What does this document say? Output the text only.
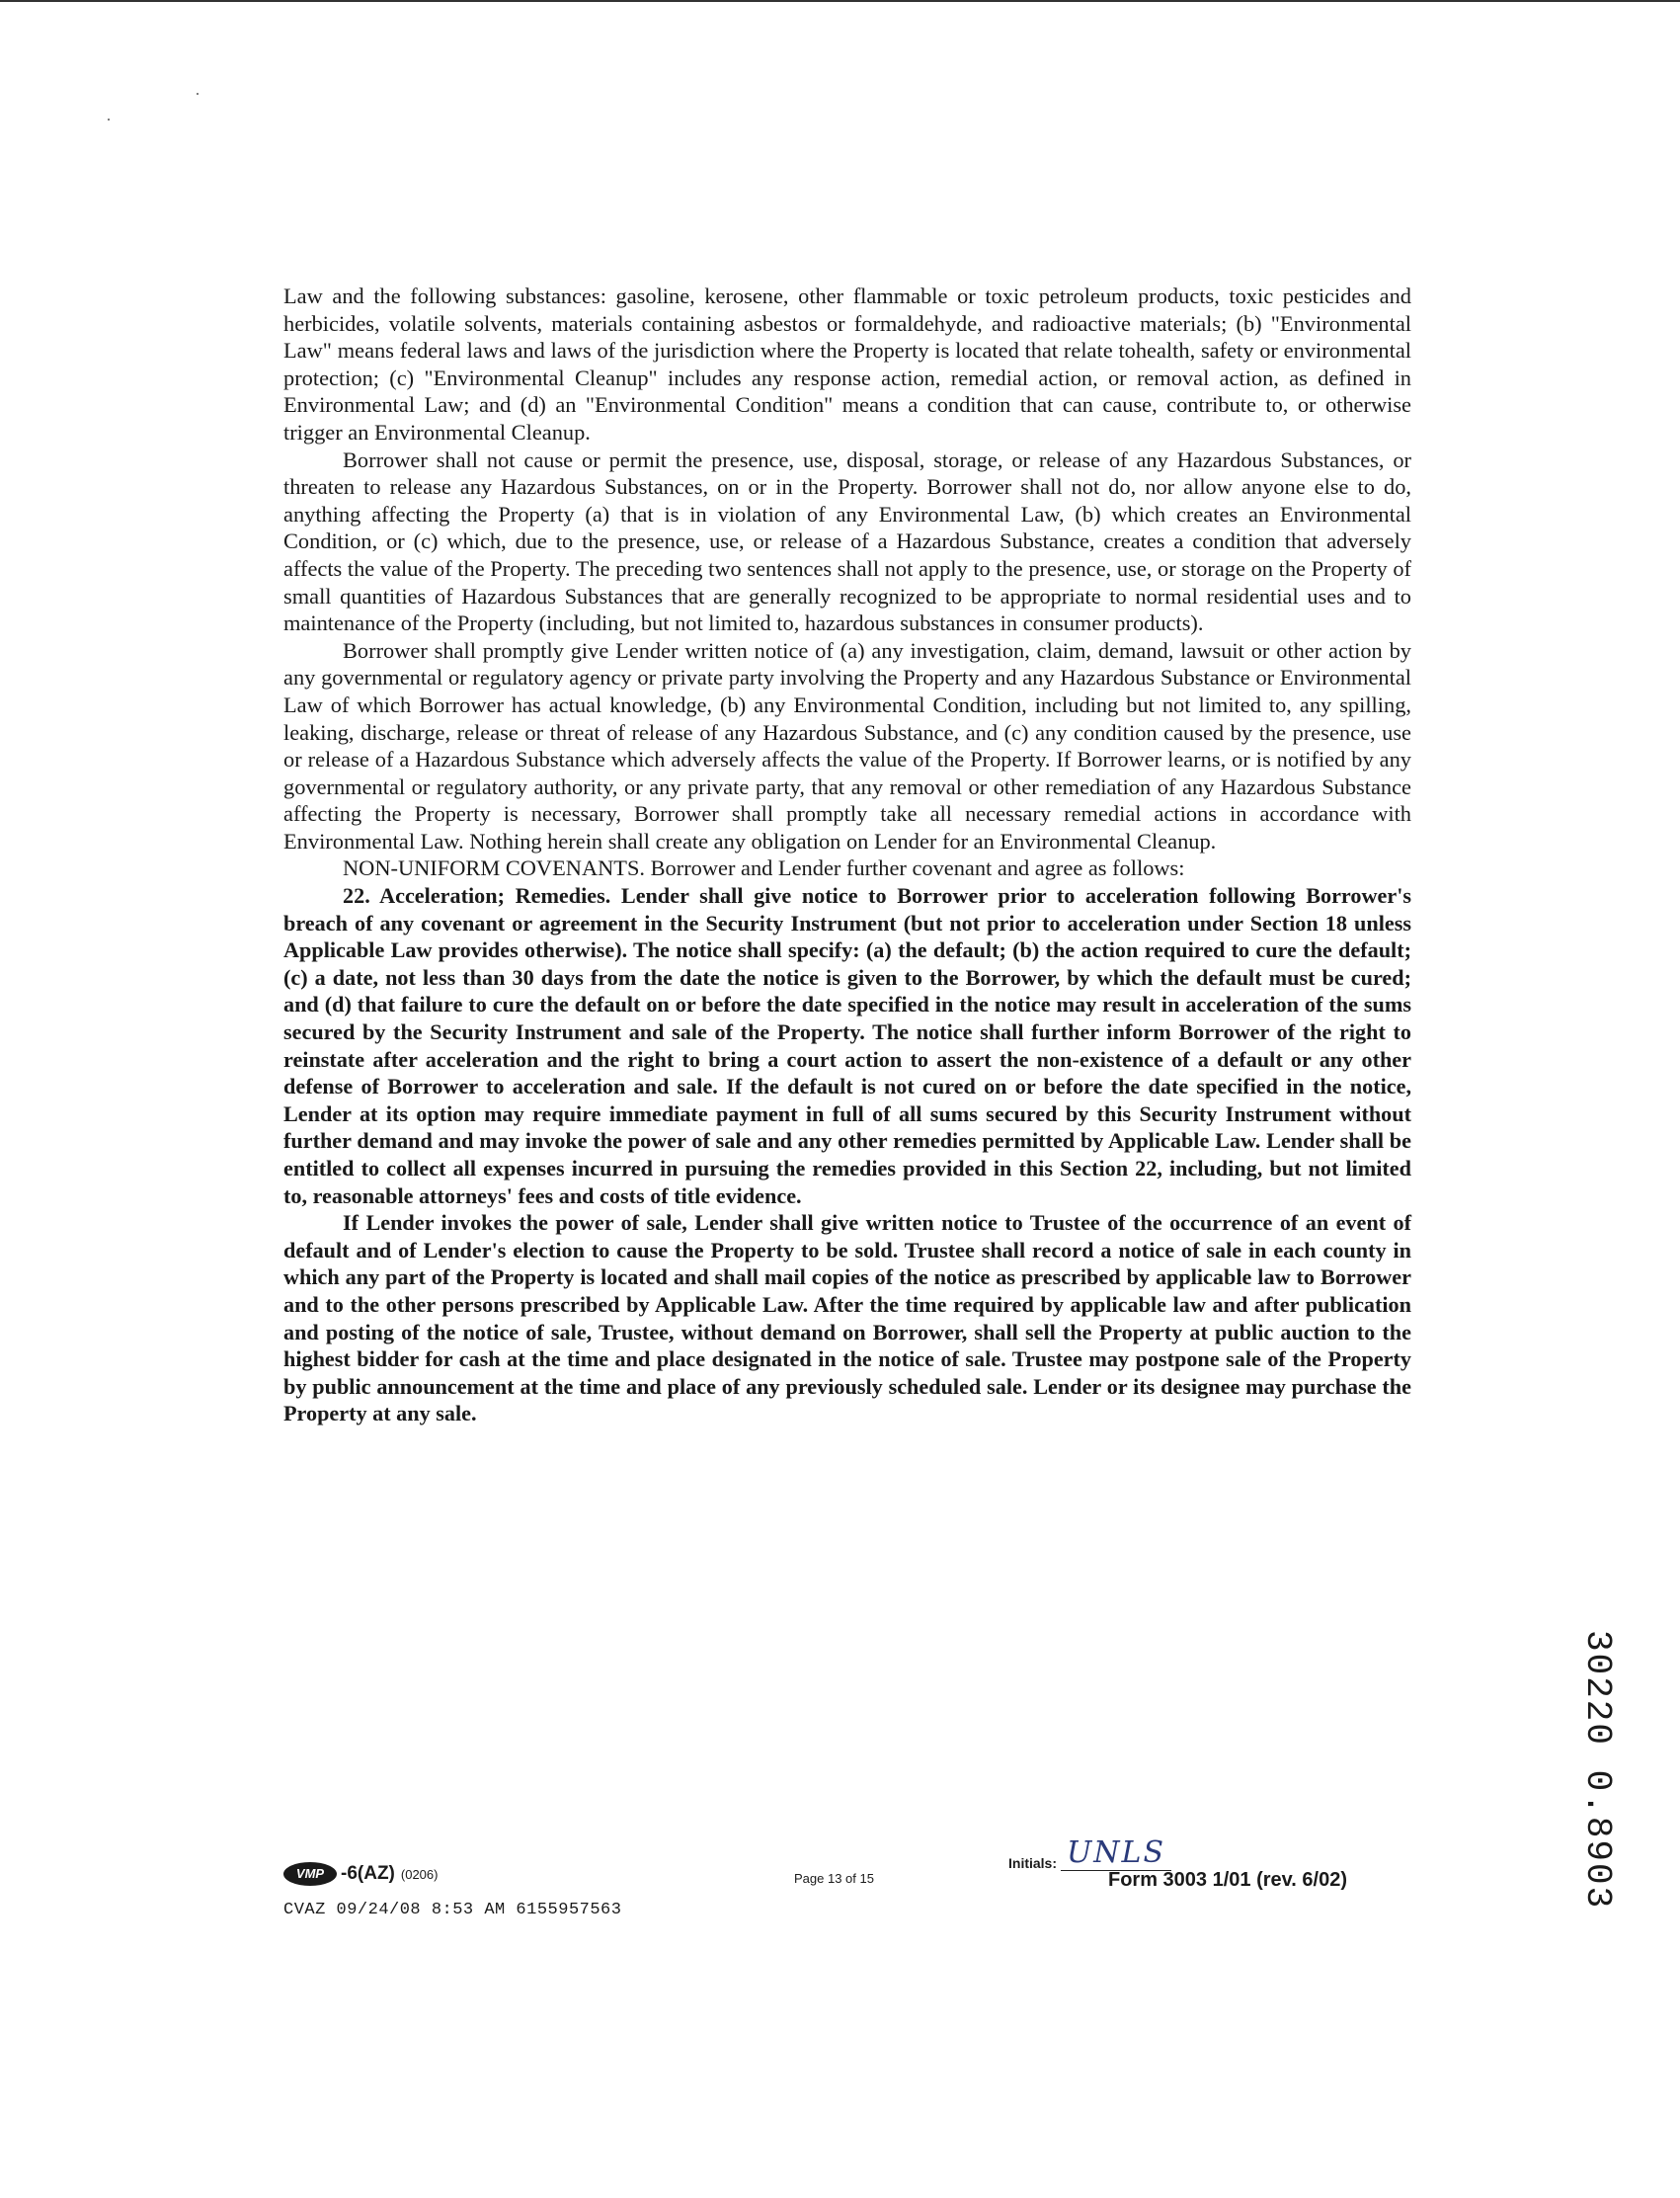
Law and the following substances: gasoline, kerosene, other flammable or toxic petroleum products, toxic pesticides and herbicides, volatile solvents, materials containing asbestos or formaldehyde, and radioactive materials; (b) "Environmental Law" means federal laws and laws of the jurisdiction where the Property is located that relate tohealth, safety or environmental protection; (c) "Environmental Cleanup" includes any response action, remedial action, or removal action, as defined in Environmental Law; and (d) an "Environmental Condition" means a condition that can cause, contribute to, or otherwise trigger an Environmental Cleanup.

Borrower shall not cause or permit the presence, use, disposal, storage, or release of any Hazardous Substances, or threaten to release any Hazardous Substances, on or in the Property. Borrower shall not do, nor allow anyone else to do, anything affecting the Property (a) that is in violation of any Environmental Law, (b) which creates an Environmental Condition, or (c) which, due to the presence, use, or release of a Hazardous Substance, creates a condition that adversely affects the value of the Property. The preceding two sentences shall not apply to the presence, use, or storage on the Property of small quantities of Hazardous Substances that are generally recognized to be appropriate to normal residential uses and to maintenance of the Property (including, but not limited to, hazardous substances in consumer products).

Borrower shall promptly give Lender written notice of (a) any investigation, claim, demand, lawsuit or other action by any governmental or regulatory agency or private party involving the Property and any Hazardous Substance or Environmental Law of which Borrower has actual knowledge, (b) any Environmental Condition, including but not limited to, any spilling, leaking, discharge, release or threat of release of any Hazardous Substance, and (c) any condition caused by the presence, use or release of a Hazardous Substance which adversely affects the value of the Property. If Borrower learns, or is notified by any governmental or regulatory authority, or any private party, that any removal or other remediation of any Hazardous Substance affecting the Property is necessary, Borrower shall promptly take all necessary remedial actions in accordance with Environmental Law. Nothing herein shall create any obligation on Lender for an Environmental Cleanup.

NON-UNIFORM COVENANTS. Borrower and Lender further covenant and agree as follows:

22. Acceleration; Remedies. Lender shall give notice to Borrower prior to acceleration following Borrower's breach of any covenant or agreement in the Security Instrument (but not prior to acceleration under Section 18 unless Applicable Law provides otherwise). The notice shall specify: (a) the default; (b) the action required to cure the default; (c) a date, not less than 30 days from the date the notice is given to the Borrower, by which the default must be cured; and (d) that failure to cure the default on or before the date specified in the notice may result in acceleration of the sums secured by the Security Instrument and sale of the Property. The notice shall further inform Borrower of the right to reinstate after acceleration and the right to bring a court action to assert the non-existence of a default or any other defense of Borrower to acceleration and sale. If the default is not cured on or before the date specified in the notice, Lender at its option may require immediate payment in full of all sums secured by this Security Instrument without further demand and may invoke the power of sale and any other remedies permitted by Applicable Law. Lender shall be entitled to collect all expenses incurred in pursuing the remedies provided in this Section 22, including, but not limited to, reasonable attorneys' fees and costs of title evidence.

If Lender invokes the power of sale, Lender shall give written notice to Trustee of the occurrence of an event of default and of Lender's election to cause the Property to be sold. Trustee shall record a notice of sale in each county in which any part of the Property is located and shall mail copies of the notice as prescribed by applicable law to Borrower and to the other persons prescribed by Applicable Law. After the time required by applicable law and after publication and posting of the notice of sale, Trustee, without demand on Borrower, shall sell the Property at public auction to the highest bidder for cash at the time and place designated in the notice of sale. Trustee may postpone sale of the Property by public announcement at the time and place of any previously scheduled sale. Lender or its designee may purchase the Property at any sale.

VMP -6(AZ) (0206)
CVAZ 09/24/08 8:53 AM 6155957563
Page 13 of 15
Initials: UNLS
Form 3003 1/01 (rev. 6/02)	30220 0.8903
